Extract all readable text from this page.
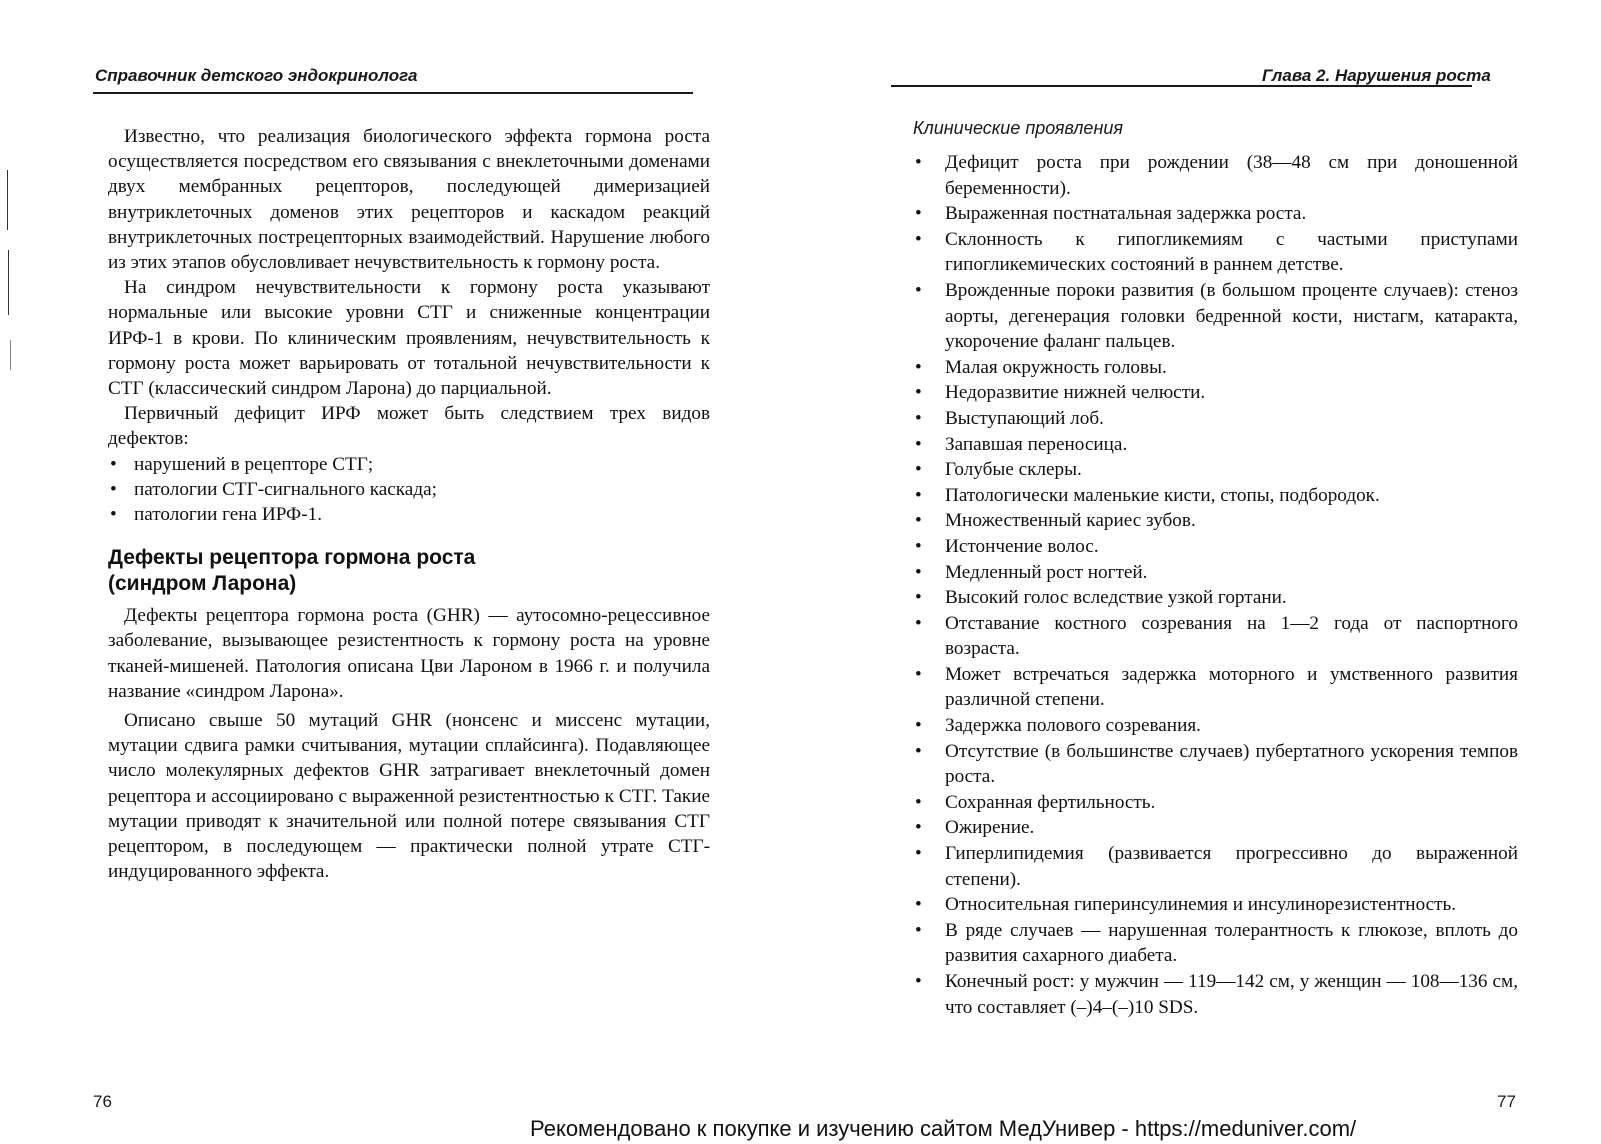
Справочник детского эндокринолога

Известно, что реализация биологического эффекта гормона роста осуществляется посредством его связывания с внеклеточными доменами двух мембранных рецепторов, последующей димеризацией внутриклеточных доменов этих рецепторов и каскадом реакций внутриклеточных пострецепторных взаимодействий. Нарушение любого из этих этапов обусловливает нечувствительность к гормону роста.

На синдром нечувствительности к гормону роста указывают нормальные или высокие уровни СТГ и сниженные концентрации ИРФ-1 в крови. По клиническим проявлениям, нечувствительность к гормону роста может варьировать от тотальной нечувствительности к СТГ (классический синдром Ларона) до парциальной.

Первичный дефицит ИРФ может быть следствием трех видов дефектов:

• нарушений в рецепторе СТГ;
• патологии СТГ-сигнального каскада;
• патологии гена ИРФ-1.
Дефекты рецептора гормона роста
(синдром Ларона)

Дефекты рецептора гормона роста (GHR) — аутосомно-рецессивное заболевание, вызывающее резистентность к гормону роста на уровне тканей-мишеней. Патология описана Цви Лароном в 1966 г. и получила название «синдром Ларона».

Описано свыше 50 мутаций GHR (нонсенс и миссенс мутации, мутации сдвига рамки считывания, мутации сплайсинга). Подавляющее число молекулярных дефектов GHR затрагивает внеклеточный домен рецептора и ассоциировано с выраженной резистентностью к СТГ. Такие мутации приводят к значительной или полной потере связывания СТГ рецептором, в последующем — практически полной утрате СТГ-индуцированного эффекта.

76
Глава 2. Нарушения роста
Клинические проявления
• Дефицит роста при рождении (38—48 см при доношенной беременности).
• Выраженная постнатальная задержка роста.
• Склонность к гипогликемиям с частыми приступами гипогликемических состояний в раннем детстве.
• Врожденные пороки развития (в большом проценте случаев): стеноз аорты, дегенерация головки бедренной кости, нистагм, катаракта, укорочение фаланг пальцев.
• Малая окружность головы.
• Недоразвитие нижней челюсти.
• Выступающий лоб.
• Запавшая переносица.
• Голубые склеры.
• Патологически маленькие кисти, стопы, подбородок.
• Множественный кариес зубов.
• Истончение волос.
• Медленный рост ногтей.
• Высокий голос вследствие узкой гортани.
• Отставание костного созревания на 1—2 года от паспортного возраста.
• Может встречаться задержка моторного и умственного развития различной степени.
• Задержка полового созревания.
• Отсутствие (в большинстве случаев) пубертатного ускорения темпов роста.
• Сохранная фертильность.
• Ожирение.
• Гиперлипидемия (развивается прогрессивно до выраженной степени).
• Относительная гиперинсулинемия и инсулинорезистентность.
• В ряде случаев — нарушенная толерантность к глюкозе, вплоть до развития сахарного диабета.
• Конечный рост: у мужчин — 119—142 см, у женщин — 108—136 см, что составляет (–)4–(–)10 SDS.
77
Рекомендовано к покупке и изучению сайтом МедУнивер - https://meduniver.com/
